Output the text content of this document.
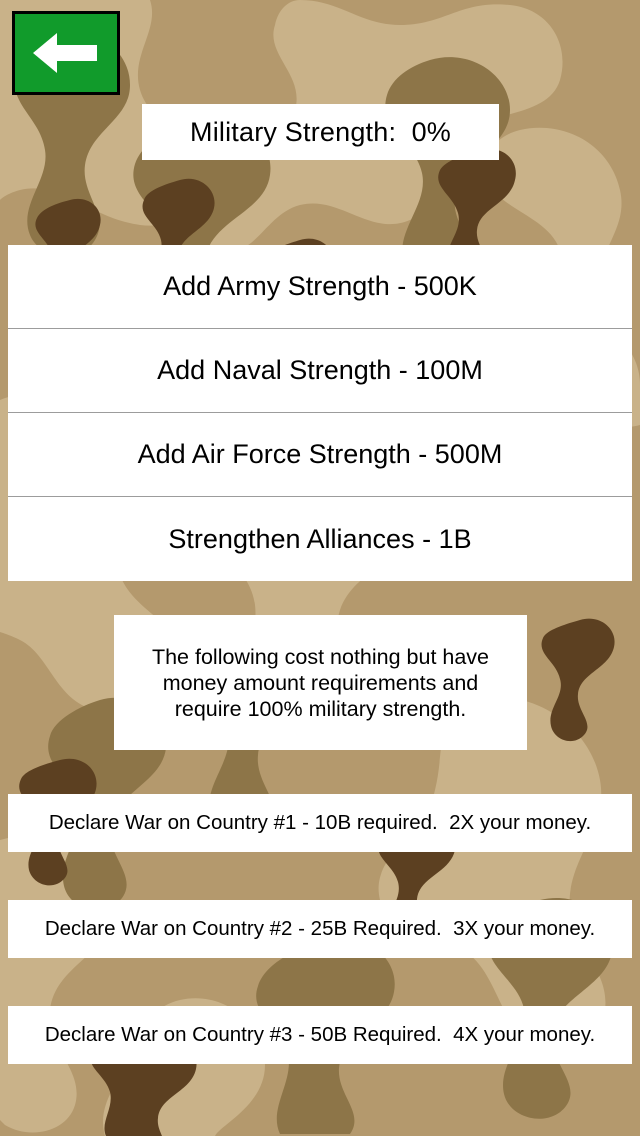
Military Strength:  0%
Add Army Strength - 500K
Add Naval Strength - 100M
Add Air Force Strength - 500M
Strengthen Alliances - 1B
The following cost nothing but have
money amount requirements and
require 100% military strength.
Declare War on Country #1 - 10B required.  2X your money.
Declare War on Country #2 - 25B Required.  3X your money.
Declare War on Country #3 - 50B Required.  4X your money.
